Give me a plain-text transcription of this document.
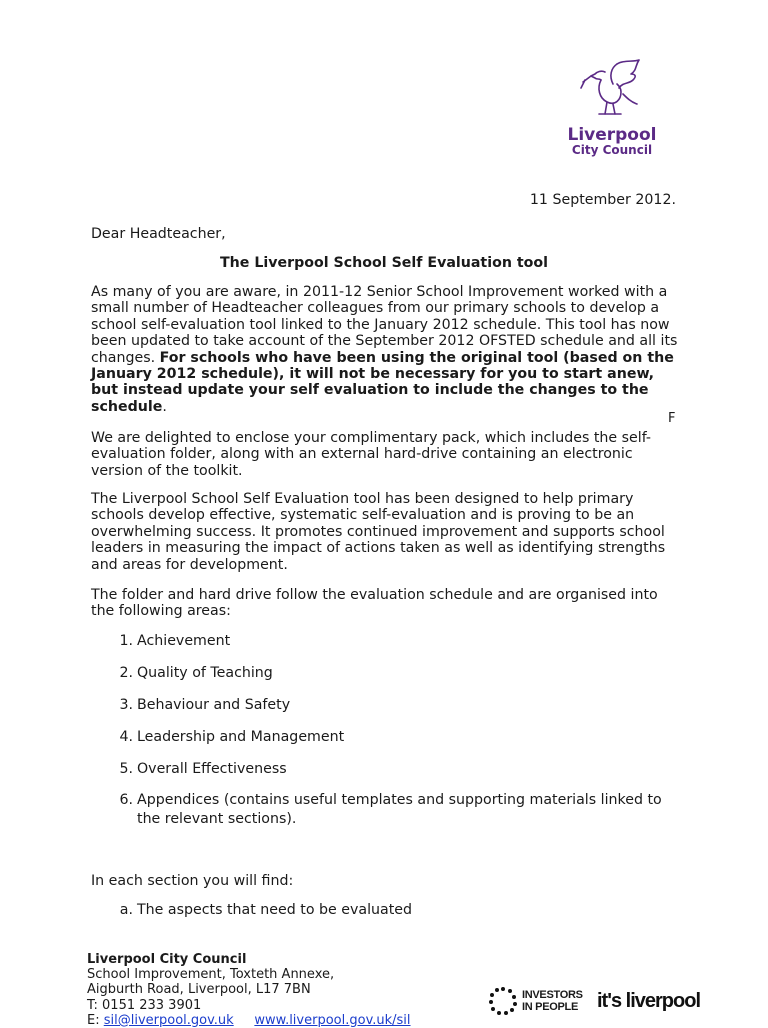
Liverpool
City Council
11 September 2012.
Dear Headteacher,
The Liverpool School Self Evaluation tool
As many of you are aware, in 2011-12 Senior School Improvement worked with a small number of Headteacher colleagues from our primary schools to develop a school self-evaluation tool linked to the January 2012 schedule. This tool has now been updated to take account of the September 2012 OFSTED schedule and all its changes. For schools who have been using the original tool (based on the January 2012 schedule), it will not be necessary for you to start anew, but instead update your self evaluation to include the changes to the schedule.
F
We are delighted to enclose your complimentary pack, which includes the self-evaluation folder, along with an external hard-drive containing an electronic version of the toolkit.
The Liverpool School Self Evaluation tool has been designed to help primary schools develop effective, systematic self-evaluation and is proving to be an overwhelming success. It promotes continued improvement and supports school leaders in measuring the impact of actions taken as well as identifying strengths and areas for development.
The folder and hard drive follow the evaluation schedule and are organised into the following areas:
1. Achievement
2. Quality of Teaching
3. Behaviour and Safety
4. Leadership and Management
5. Overall Effectiveness
6. Appendices (contains useful templates and supporting materials linked to the relevant sections).
In each section you will find:
a. The aspects that need to be evaluated
Liverpool City Council
School Improvement, Toxteth Annexe,
Aigburth Road, Liverpool, L17 7BN
T: 0151 233 3901
E: sil@liverpool.gov.uk www.liverpool.gov.uk/sil
INVESTORS
IN PEOPLE it's liverpool
